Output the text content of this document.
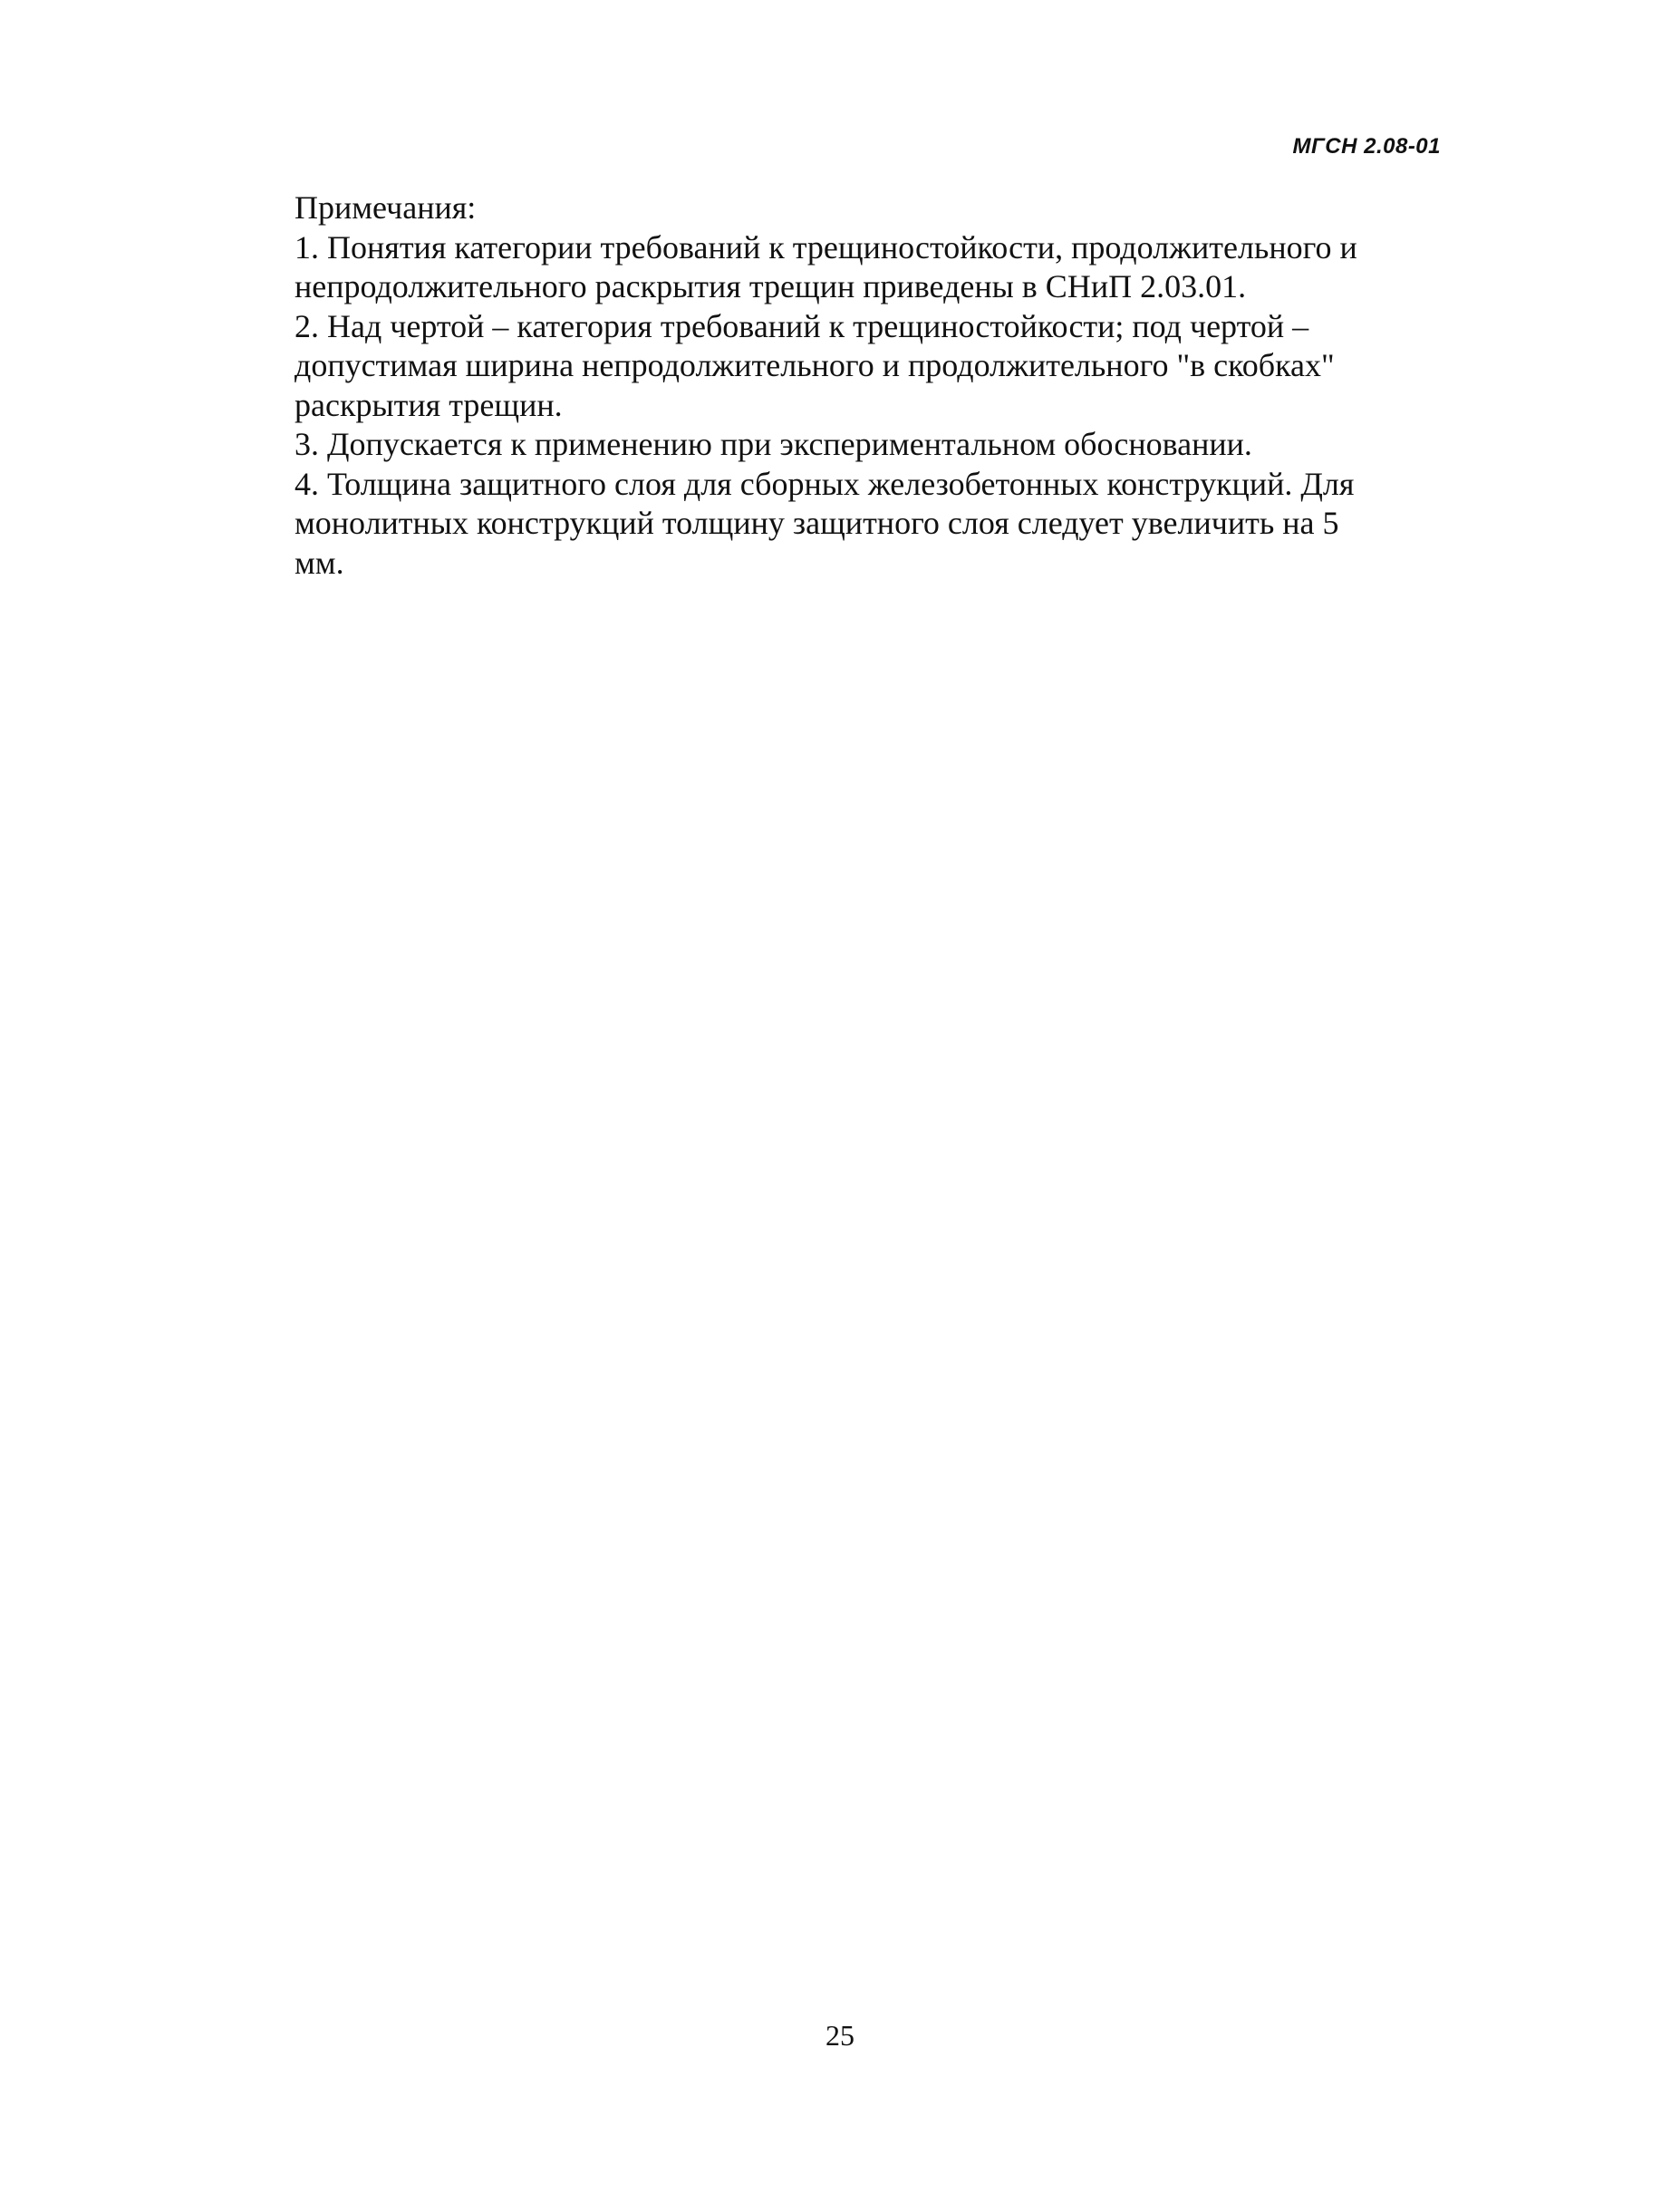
МГСН 2.08-01
Примечания:
1. Понятия категории требований к трещиностойкости, продолжительного и
непродолжительного раскрытия трещин приведены в СНиП 2.03.01.
2. Над чертой – категория требований к трещиностойкости; под чертой –
допустимая ширина непродолжительного и продолжительного "в скобках"
раскрытия трещин.
3. Допускается к применению при экспериментальном обосновании.
4. Толщина защитного слоя для сборных железобетонных конструкций. Для
монолитных конструкций толщину защитного слоя следует увеличить на 5
мм.
25
